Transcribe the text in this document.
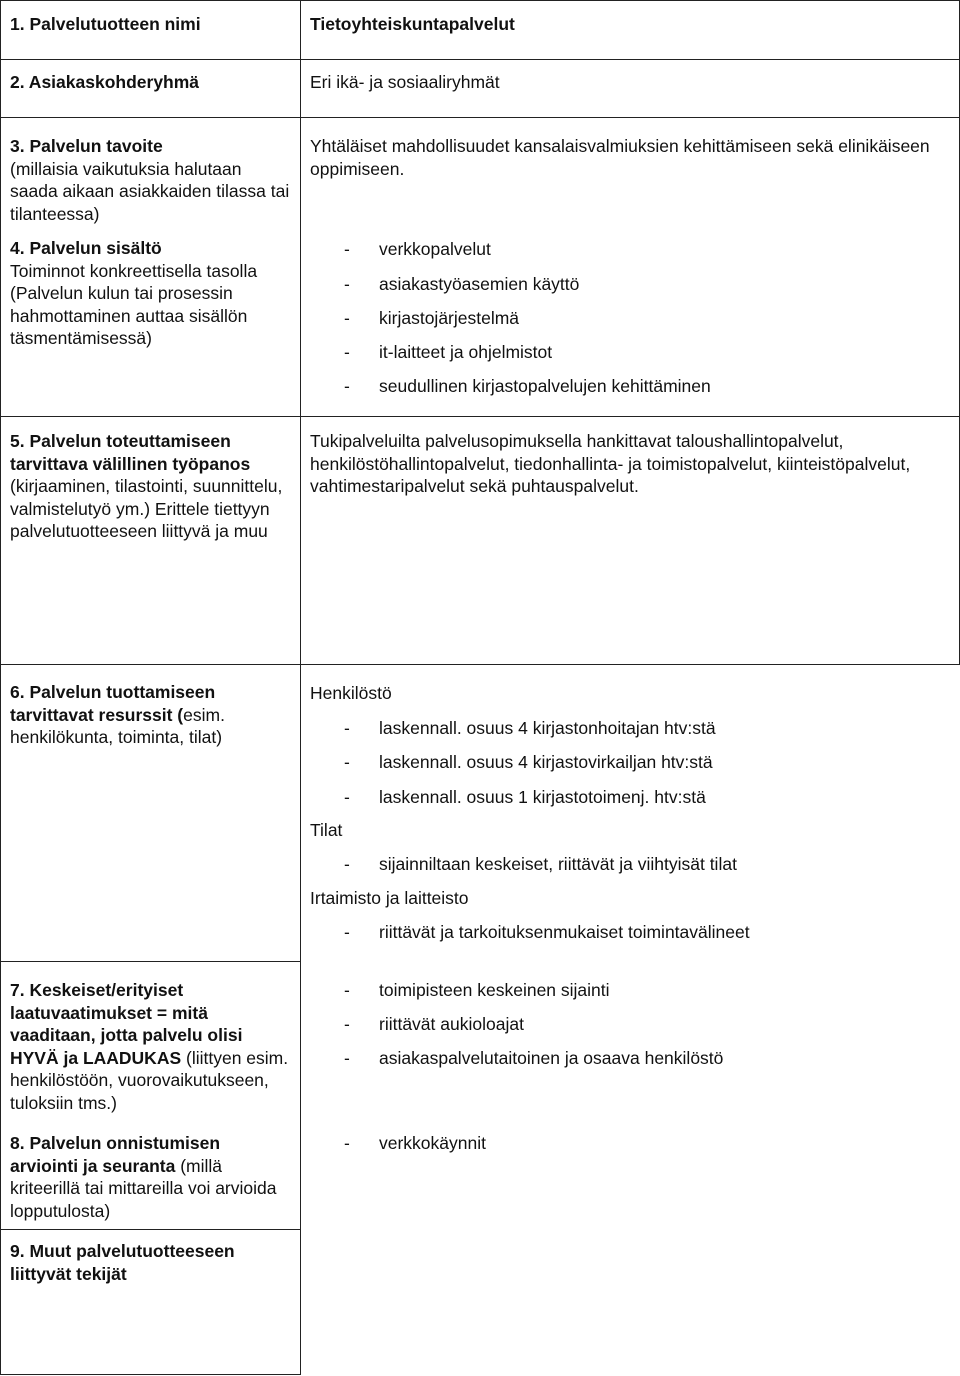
1. Palvelutuotteen nimi	Tietoyhteiskuntapalvelut
2. Asiakaskohderyhmä	Eri ikä- ja sosiaaliryhmät
3. Palvelun tavoite
(millaisia vaikutuksia halutaan saada aikaan asiakkaiden tilassa tai tilanteessa)
Yhtäläiset mahdollisuudet kansalaisvalmiuksien kehittämiseen sekä elinikäiseen oppimiseen.
4. Palvelun sisältö
Toiminnot konkreettisella tasolla (Palvelun kulun tai prosessin hahmottaminen auttaa sisällön täsmentämisessä)
- verkkopalvelut
- asiakastyöasemien käyttö
- kirjastojärjestelmä
- it-laitteet ja ohjelmistot
- seudullinen kirjastopalvelujen kehittäminen
5. Palvelun toteuttamiseen tarvittava välillinen työpanos
(kirjaaminen, tilastointi, suunnittelu, valmistelutyö ym.) Erittele tiettyyn palvelutuotteeseen liittyvä ja muu
Tukipalveluilta palvelusopimuksella hankittavat taloushallintopalvelut, henkilöstöhallintopalvelut, tiedonhallinta- ja toimistopalvelut, kiinteistöpalvelut, vahtimestaripalvelut sekä puhtauspalvelut.
6. Palvelun tuottamiseen tarvittavat resurssit (esim. henkilökunta, toiminta, tilat)
Henkilöstö
- laskennall. osuus 4 kirjastonhoitajan htv:stä
- laskennall. osuus 4 kirjastovirkailjan htv:stä
- laskennall. osuus 1 kirjastotoimenj. htv:stä
Tilat
- sijainniltaan keskeiset, riittävät ja viihtyisät tilat
Irtaimisto ja laitteisto
- riittävät ja tarkoituksenmukaiset toimintavälineet
7. Keskeiset/erityiset laatuvaatimukset = mitä vaaditaan, jotta palvelu olisi HYVÄ ja LAADUKAS (liittyen esim. henkilöstöön, vuorovaikutukseen, tuloksiin tms.)
- toimipisteen keskeinen sijainti
- riittävät aukioloajat
- asiakaspalvelutaitoinen ja osaava henkilöstö
8. Palvelun onnistumisen arviointi ja seuranta (millä kriteerillä tai mittareilla voi arvioida lopputulosta)
- verkkokäynnit
9. Muut palvelutuotteeseen liittyvät tekijät
